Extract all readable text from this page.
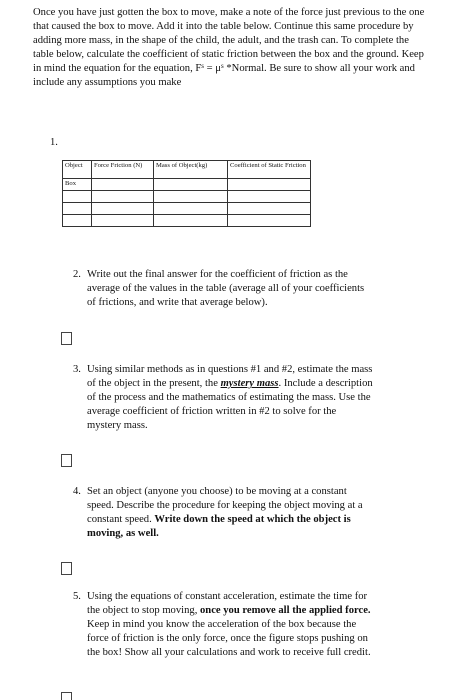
Once you have just gotten the box to move, make a note of the force just previous to the one that caused the box to move. Add it into the table below. Continue this same procedure by adding more mass, in the shape of the child, the adult, and the trash can. To complete the table below, calculate the coefficient of static friction between the box and the ground. Keep in mind the equation for the equation, $F^s = \mu^s$ *Normal. Be sure to show all your work and include any assumptions you make

1.
Object	Force Friction (N)	Mass of Object(kg)	Coefficient of Static Friction
Box			

2. Write out the final answer for the coefficient of friction as the average of the values in the table (average all of your coefficients of frictions, and write that average below).

3. Using similar methods as in questions #1 and #2, estimate the mass of the object in the present, the mystery mass. Include a description of the process and the mathematics of estimating the mass. Use the average coefficient of friction written in #2 to solve for the mystery mass.

4. Set an object (anyone you choose) to be moving at a constant speed. Describe the procedure for keeping the object moving at a constant speed. Write down the speed at which the object is moving, as well.

5. Using the equations of constant acceleration, estimate the time for the object to stop moving, once you remove all the applied force. Keep in mind you know the acceleration of the box because the force of friction is the only force, once the figure stops pushing on the box! Show all your calculations and work to receive full credit.
